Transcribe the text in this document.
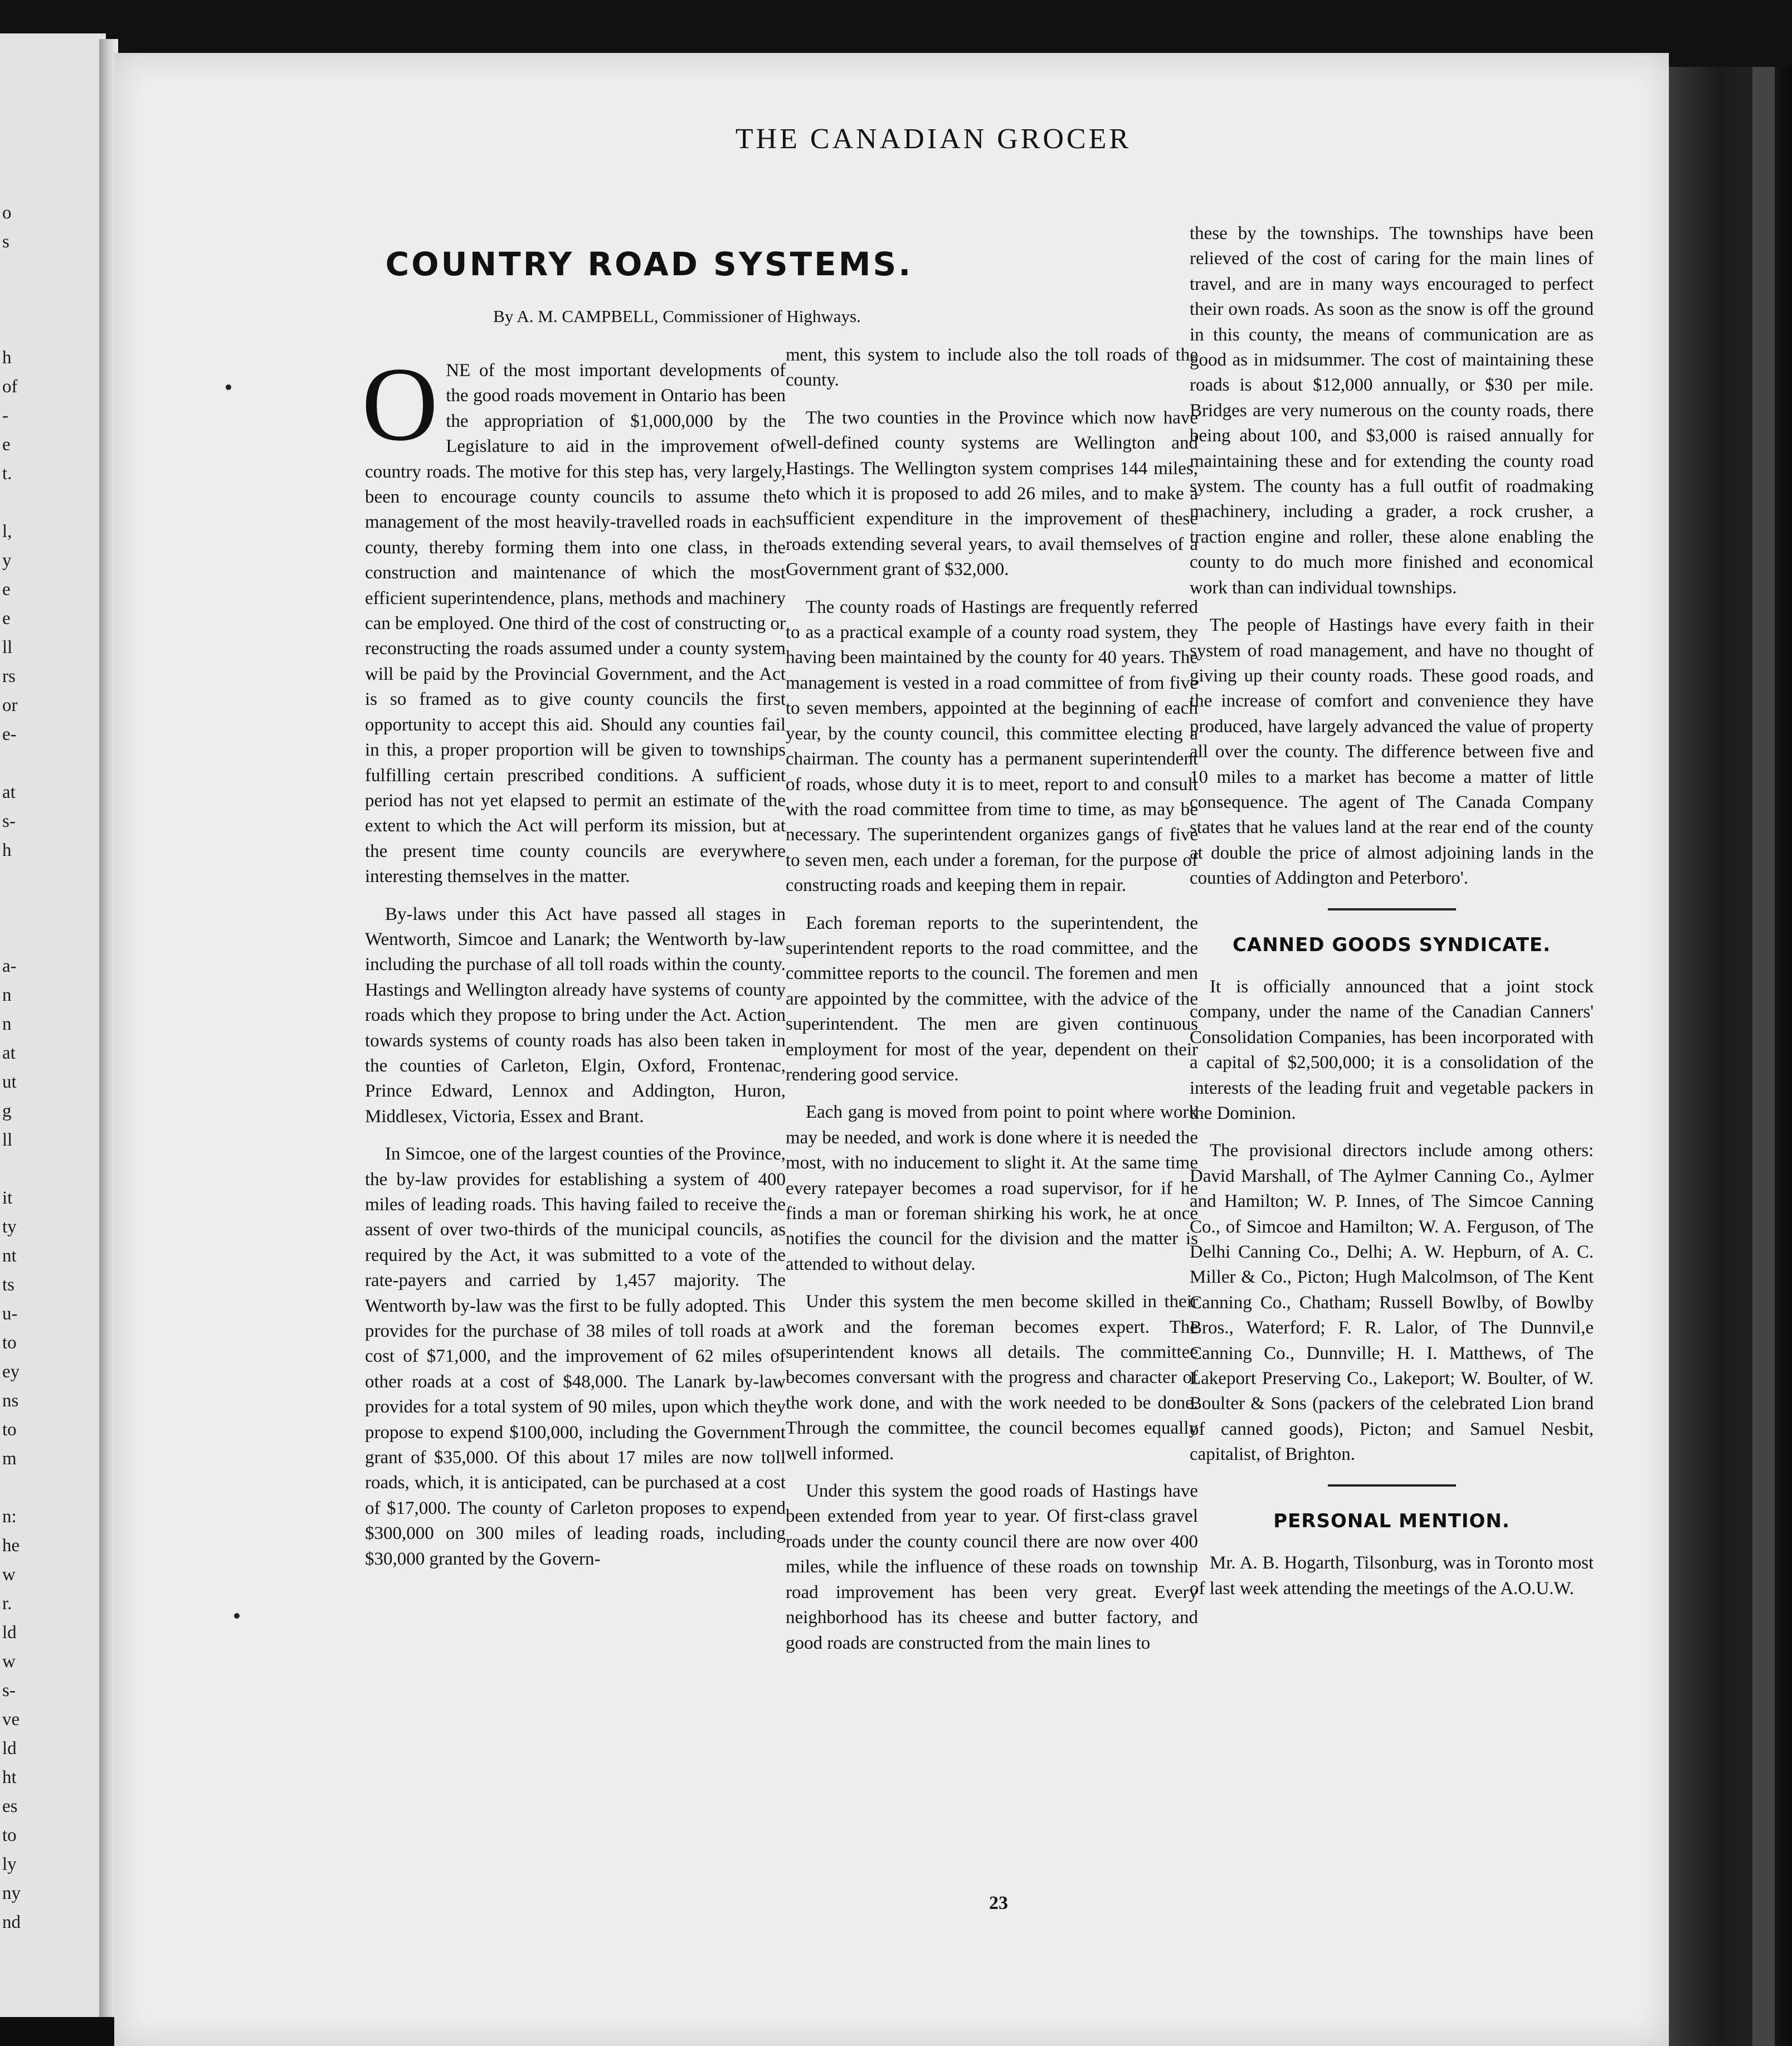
o
s
h
of
-
e
t.
l,
y
e
e
ll
rs
or
e-
at
s-
h
a-
n
n
at
ut
g
ll
it
ty
nt
ts
u-
to
ey
ns
to
m
n:
he
w
r.
ld
w
s-
ve
ld
ht
es
to
ly
ny
nd
THE CANADIAN GROCER
COUNTRY ROAD SYSTEMS.
By A. M. CAMPBELL, Commissioner of Highways.

ONE of the most important developments of the good roads movement in Ontario has been the appropriation of $1,000,000 by the Legislature to aid in the improvement of country roads. The motive for this step has, very largely, been to encourage county councils to assume the management of the most heavily-travelled roads in each county, thereby forming them into one class, in the construction and maintenance of which the most efficient superintendence, plans, methods and machinery can be employed. One third of the cost of constructing or reconstructing the roads assumed under a county system will be paid by the Provincial Government, and the Act is so framed as to give county councils the first opportunity to accept this aid. Should any counties fail in this, a proper proportion will be given to townships fulfilling certain prescribed conditions. A sufficient period has not yet elapsed to permit an estimate of the extent to which the Act will perform its mission, but at the present time county councils are everywhere interesting themselves in the matter.

By-laws under this Act have passed all stages in Wentworth, Simcoe and Lanark; the Wentworth by-law including the purchase of all toll roads within the county. Hastings and Wellington already have systems of county roads which they propose to bring under the Act. Action towards systems of county roads has also been taken in the counties of Carleton, Elgin, Oxford, Frontenac, Prince Edward, Lennox and Addington, Huron, Middlesex, Victoria, Essex and Brant.

In Simcoe, one of the largest counties of the Province, the by-law provides for establishing a system of 400 miles of leading roads. This having failed to receive the assent of over two-thirds of the municipal councils, as required by the Act, it was submitted to a vote of the rate-payers and carried by 1,457 majority. The Wentworth by-law was the first to be fully adopted. This provides for the purchase of 38 miles of toll roads at a cost of $71,000, and the improvement of 62 miles of other roads at a cost of $48,000. The Lanark by-law provides for a total system of 90 miles, upon which they propose to expend $100,000, including the Government grant of $35,000. Of this about 17 miles are now toll roads, which, it is anticipated, can be purchased at a cost of $17,000. The county of Carleton proposes to expend $300,000 on 300 miles of leading roads, including $30,000 granted by the Govern-

ment, this system to include also the toll roads of the county.

The two counties in the Province which now have well-defined county systems are Wellington and Hastings. The Wellington system comprises 144 miles, to which it is proposed to add 26 miles, and to make a sufficient expenditure in the improvement of these roads extending several years, to avail themselves of a Government grant of $32,000.

The county roads of Hastings are frequently referred to as a practical example of a county road system, they having been maintained by the county for 40 years. The management is vested in a road committee of from five to seven members, appointed at the beginning of each year, by the county council, this committee electing a chairman. The county has a permanent superintendent of roads, whose duty it is to meet, report to and consult with the road committee from time to time, as may be necessary. The superintendent organizes gangs of five to seven men, each under a foreman, for the purpose of constructing roads and keeping them in repair.

Each foreman reports to the superintendent, the superintendent reports to the road committee, and the committee reports to the council. The foremen and men are appointed by the committee, with the advice of the superintendent. The men are given continuous employment for most of the year, dependent on their rendering good service.

Each gang is moved from point to point where work may be needed, and work is done where it is needed the most, with no inducement to slight it. At the same time every ratepayer becomes a road supervisor, for if he finds a man or foreman shirking his work, he at once notifies the council for the division and the matter is attended to without delay.

Under this system the men become skilled in their work and the foreman becomes expert. The superintendent knows all details. The committee becomes conversant with the progress and character of the work done, and with the work needed to be done. Through the committee, the council becomes equally well informed.

Under this system the good roads of Hastings have been extended from year to year. Of first-class gravel roads under the county council there are now over 400 miles, while the influence of these roads on township road improvement has been very great. Every neighborhood has its cheese and butter factory, and good roads are constructed from the main lines to

these by the townships. The townships have been relieved of the cost of caring for the main lines of travel, and are in many ways encouraged to perfect their own roads. As soon as the snow is off the ground in this county, the means of communication are as good as in midsummer. The cost of maintaining these roads is about $12,000 annually, or $30 per mile. Bridges are very numerous on the county roads, there being about 100, and $3,000 is raised annually for maintaining these and for extending the county road system. The county has a full outfit of roadmaking machinery, including a grader, a rock crusher, a traction engine and roller, these alone enabling the county to do much more finished and economical work than can individual townships.

The people of Hastings have every faith in their system of road management, and have no thought of giving up their county roads. These good roads, and the increase of comfort and convenience they have produced, have largely advanced the value of property all over the county. The difference between five and 10 miles to a market has become a matter of little consequence. The agent of The Canada Company states that he values land at the rear end of the county at double the price of almost adjoining lands in the counties of Addington and Peterboro'.

CANNED GOODS SYNDICATE.

It is officially announced that a joint stock company, under the name of the Canadian Canners' Consolidation Companies, has been incorporated with a capital of $2,500,000; it is a consolidation of the interests of the leading fruit and vegetable packers in the Dominion.

The provisional directors include among others: David Marshall, of The Aylmer Canning Co., Aylmer and Hamilton; W. P. Innes, of The Simcoe Canning Co., of Simcoe and Hamilton; W. A. Ferguson, of The Delhi Canning Co., Delhi; A. W. Hepburn, of A. C. Miller & Co., Picton; Hugh Malcolmson, of The Kent Canning Co., Chatham; Russell Bowlby, of Bowlby Bros., Waterford; F. R. Lalor, of The Dunnvil,e Canning Co., Dunnville; H. I. Matthews, of The Lakeport Preserving Co., Lakeport; W. Boulter, of W. Boulter & Sons (packers of the celebrated Lion brand of canned goods), Picton; and Samuel Nesbit, capitalist, of Brighton.

PERSONAL MENTION.

Mr. A. B. Hogarth, Tilsonburg, was in Toronto most of last week attending the meetings of the A.O.U.W.

23
